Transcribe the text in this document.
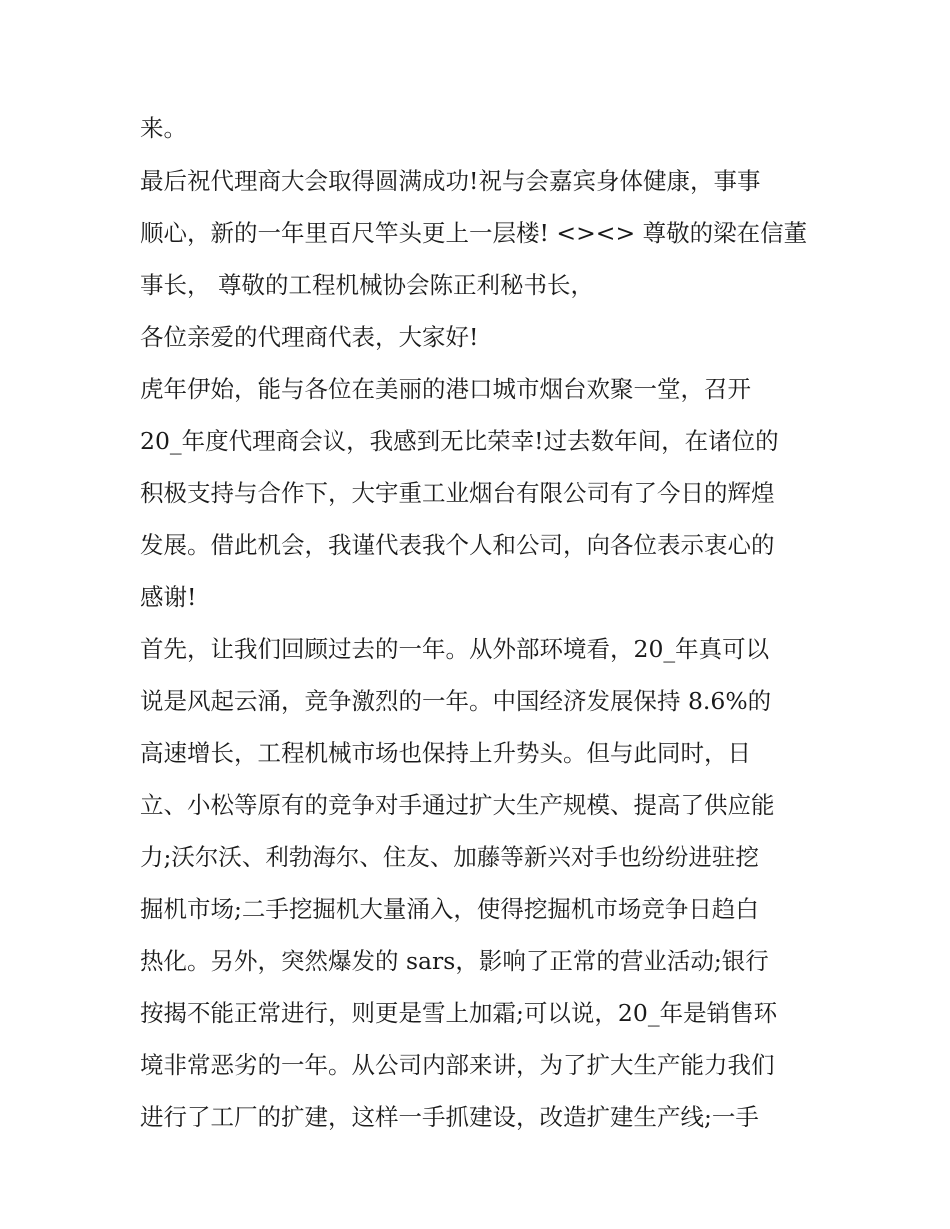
来。
最后祝代理商大会取得圆满成功!祝与会嘉宾身体健康，事事
顺心，新的一年里百尺竿头更上一层楼! <><> 尊敬的梁在信董
事长， 尊敬的工程机械协会陈正利秘书长，
各位亲爱的代理商代表，大家好!
虎年伊始，能与各位在美丽的港口城市烟台欢聚一堂，召开
20_年度代理商会议，我感到无比荣幸!过去数年间，在诸位的
积极支持与合作下，大宇重工业烟台有限公司有了今日的辉煌
发展。借此机会，我谨代表我个人和公司，向各位表示衷心的
感谢!
首先，让我们回顾过去的一年。从外部环境看，20_年真可以
说是风起云涌，竞争激烈的一年。中国经济发展保持 8.6%的
高速增长，工程机械市场也保持上升势头。但与此同时，日
立、小松等原有的竞争对手通过扩大生产规模、提高了供应能
力;沃尔沃、利勃海尔、住友、加藤等新兴对手也纷纷进驻挖
掘机市场;二手挖掘机大量涌入，使得挖掘机市场竞争日趋白
热化。另外，突然爆发的 sars，影响了正常的营业活动;银行
按揭不能正常进行，则更是雪上加霜;可以说，20_年是销售环
境非常恶劣的一年。从公司内部来讲，为了扩大生产能力我们
进行了工厂的扩建，这样一手抓建设，改造扩建生产线;一手
